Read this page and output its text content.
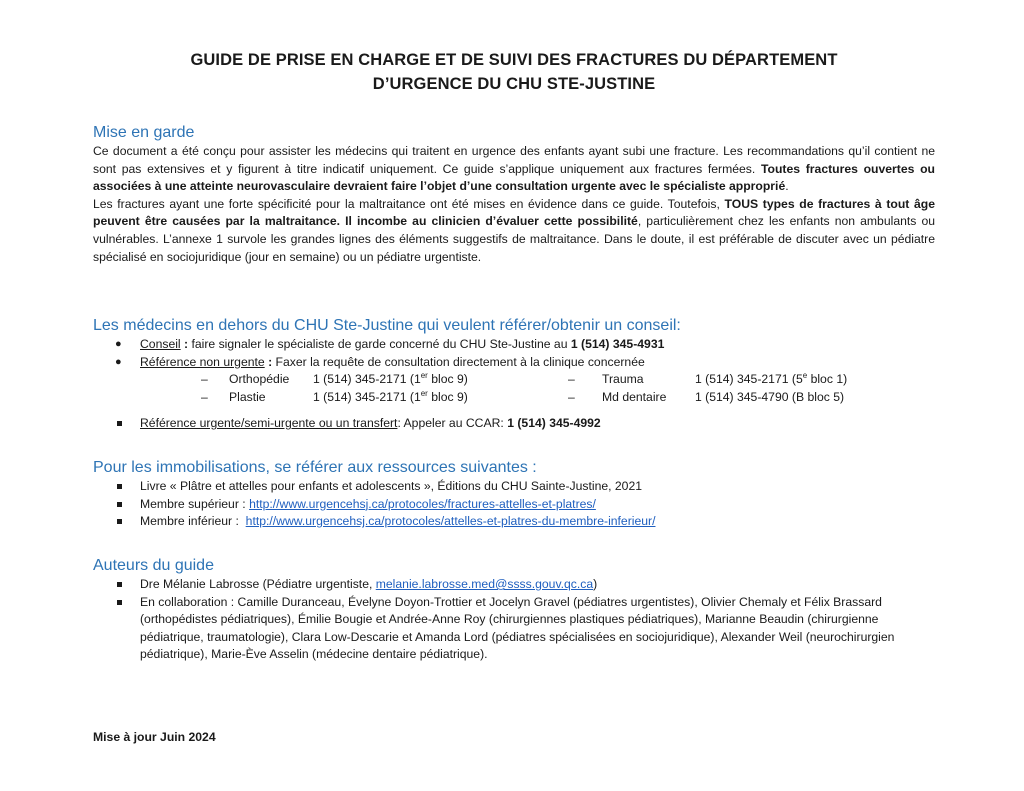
GUIDE DE PRISE EN CHARGE ET DE SUIVI DES FRACTURES DU DÉPARTEMENT
D’URGENCE DU CHU STE-JUSTINE
Mise en garde

Ce document a été conçu pour assister les médecins qui traitent en urgence des enfants ayant subi une fracture. Les recommandations qu’il contient ne sont pas extensives et y figurent à titre indicatif uniquement. Ce guide s’applique uniquement aux fractures fermées. Toutes fractures ouvertes ou associées à une atteinte neurovasculaire devraient faire l’objet d’une consultation urgente avec le spécialiste approprié.

Les fractures ayant une forte spécificité pour la maltraitance ont été mises en évidence dans ce guide. Toutefois, TOUS types de fractures à tout âge peuvent être causées par la maltraitance. Il incombe au clinicien d’évaluer cette possibilité, particulièrement chez les enfants non ambulants ou vulnérables. L’annexe 1 survole les grandes lignes des éléments suggestifs de maltraitance. Dans le doute, il est préférable de discuter avec un pédiatre spécialisé en sociojuridique (jour en semaine) ou un pédiatre urgentiste.

Les médecins en dehors du CHU Ste-Justine qui veulent référer/obtenir un conseil:
● Conseil : faire signaler le spécialiste de garde concerné du CHU Ste-Justine au 1 (514) 345-4931
● Référence non urgente : Faxer la requête de consultation directement à la clinique concernée
– Orthopédie 1 (514) 345-2171 (1er bloc 9)	– Trauma	1 (514) 345-2171 (5e bloc 1)
– Plastie	1 (514) 345-2171 (1er bloc 9)	– Md dentaire 1 (514) 345-4790 (B bloc 5)
Référence urgente/semi-urgente ou un transfert: Appeler au CCAR: 1 (514) 345-4992
Pour les immobilisations, se référer aux ressources suivantes :
Livre « Plâtre et attelles pour enfants et adolescents », Éditions du CHU Sainte-Justine, 2021
Membre supérieur : http://www.urgencehsj.ca/protocoles/fractures-attelles-et-platres/
Membre inférieur :  http://www.urgencehsj.ca/protocoles/attelles-et-platres-du-membre-inferieur/
Auteurs du guide
Dre Mélanie Labrosse (Pédiatre urgentiste, melanie.labrosse.med@ssss.gouv.qc.ca)
En collaboration : Camille Duranceau, Évelyne Doyon-Trottier et Jocelyn Gravel (pédiatres urgentistes), Olivier Chemaly et Félix Brassard (orthopédistes pédiatriques), Émilie Bougie et Andrée-Anne Roy (chirurgiennes plastiques pédiatriques), Marianne Beaudin (chirurgienne pédiatrique, traumatologie), Clara Low-Descarie et Amanda Lord (pédiatres spécialisées en sociojuridique), Alexander Weil (neurochirurgien pédiatrique), Marie-Ève Asselin (médecine dentaire pédiatrique).
Mise à jour Juin 2024
